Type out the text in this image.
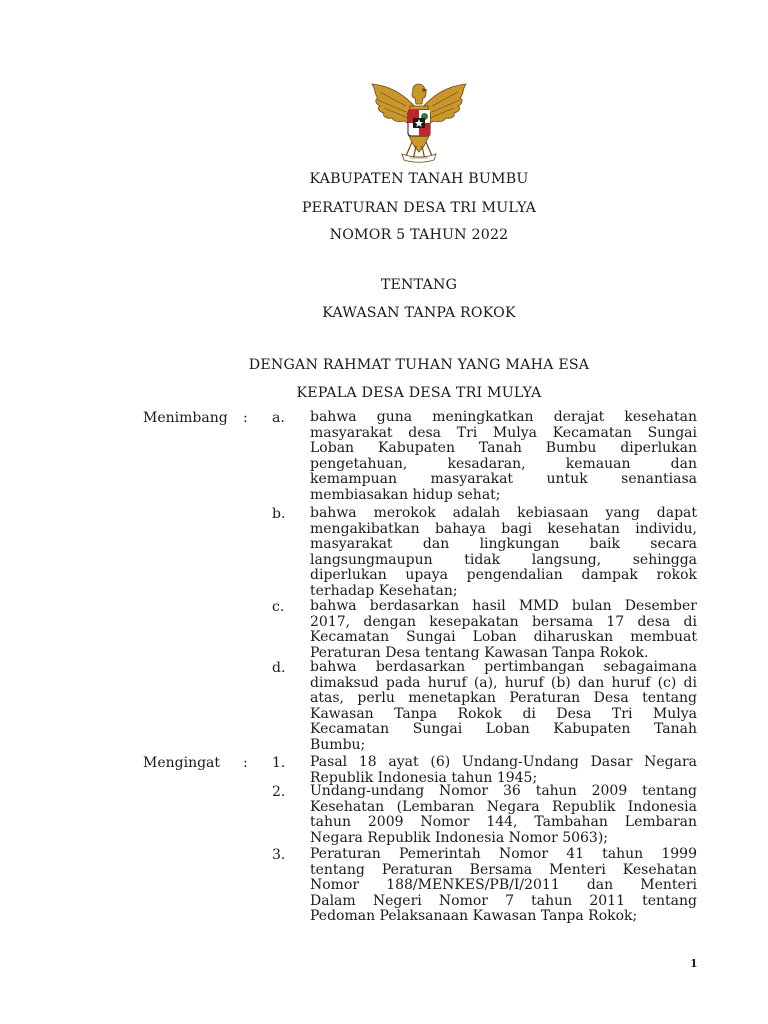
KABUPATEN TANAH BUMBU
PERATURAN DESA TRI MULYA
NOMOR 5 TAHUN 2022
TENTANG
KAWASAN TANPA ROKOK
DENGAN RAHMAT TUHAN YANG MAHA ESA
KEPALA DESA DESA TRI MULYA
Menimbang : a. bahwa guna meningkatkan derajat kesehatan
masyarakat desa Tri Mulya Kecamatan Sungai
Loban Kabupaten Tanah Bumbu diperlukan
pengetahuan, kesadaran, kemauan dan
kemampuan masyarakat untuk senantiasa
membiasakan hidup sehat;
b. bahwa merokok adalah kebiasaan yang dapat
mengakibatkan bahaya bagi kesehatan individu,
masyarakat dan lingkungan baik secara
langsungmaupun tidak langsung, sehingga
diperlukan upaya pengendalian dampak rokok
terhadap Kesehatan;
c. bahwa berdasarkan hasil MMD bulan Desember
2017, dengan kesepakatan bersama 17 desa di
Kecamatan Sungai Loban diharuskan membuat
Peraturan Desa tentang Kawasan Tanpa Rokok.
d. bahwa berdasarkan pertimbangan sebagaimana
dimaksud pada huruf (a), huruf (b) dan huruf (c) di
atas, perlu menetapkan Peraturan Desa tentang
Kawasan Tanpa Rokok di Desa Tri Mulya
Kecamatan Sungai Loban Kabupaten Tanah
Bumbu;
Mengingat : 1. Pasal 18 ayat (6) Undang-Undang Dasar Negara
Republik Indonesia tahun 1945;
2. Undang-undang Nomor 36 tahun 2009 tentang
Kesehatan (Lembaran Negara Republik Indonesia
tahun 2009 Nomor 144, Tambahan Lembaran
Negara Republik Indonesia Nomor 5063);
3. Peraturan Pemerintah Nomor 41 tahun 1999
tentang Peraturan Bersama Menteri Kesehatan
Nomor 188/MENKES/PB/I/2011 dan Menteri
Dalam Negeri Nomor 7 tahun 2011 tentang
Pedoman Pelaksanaan Kawasan Tanpa Rokok;
1
